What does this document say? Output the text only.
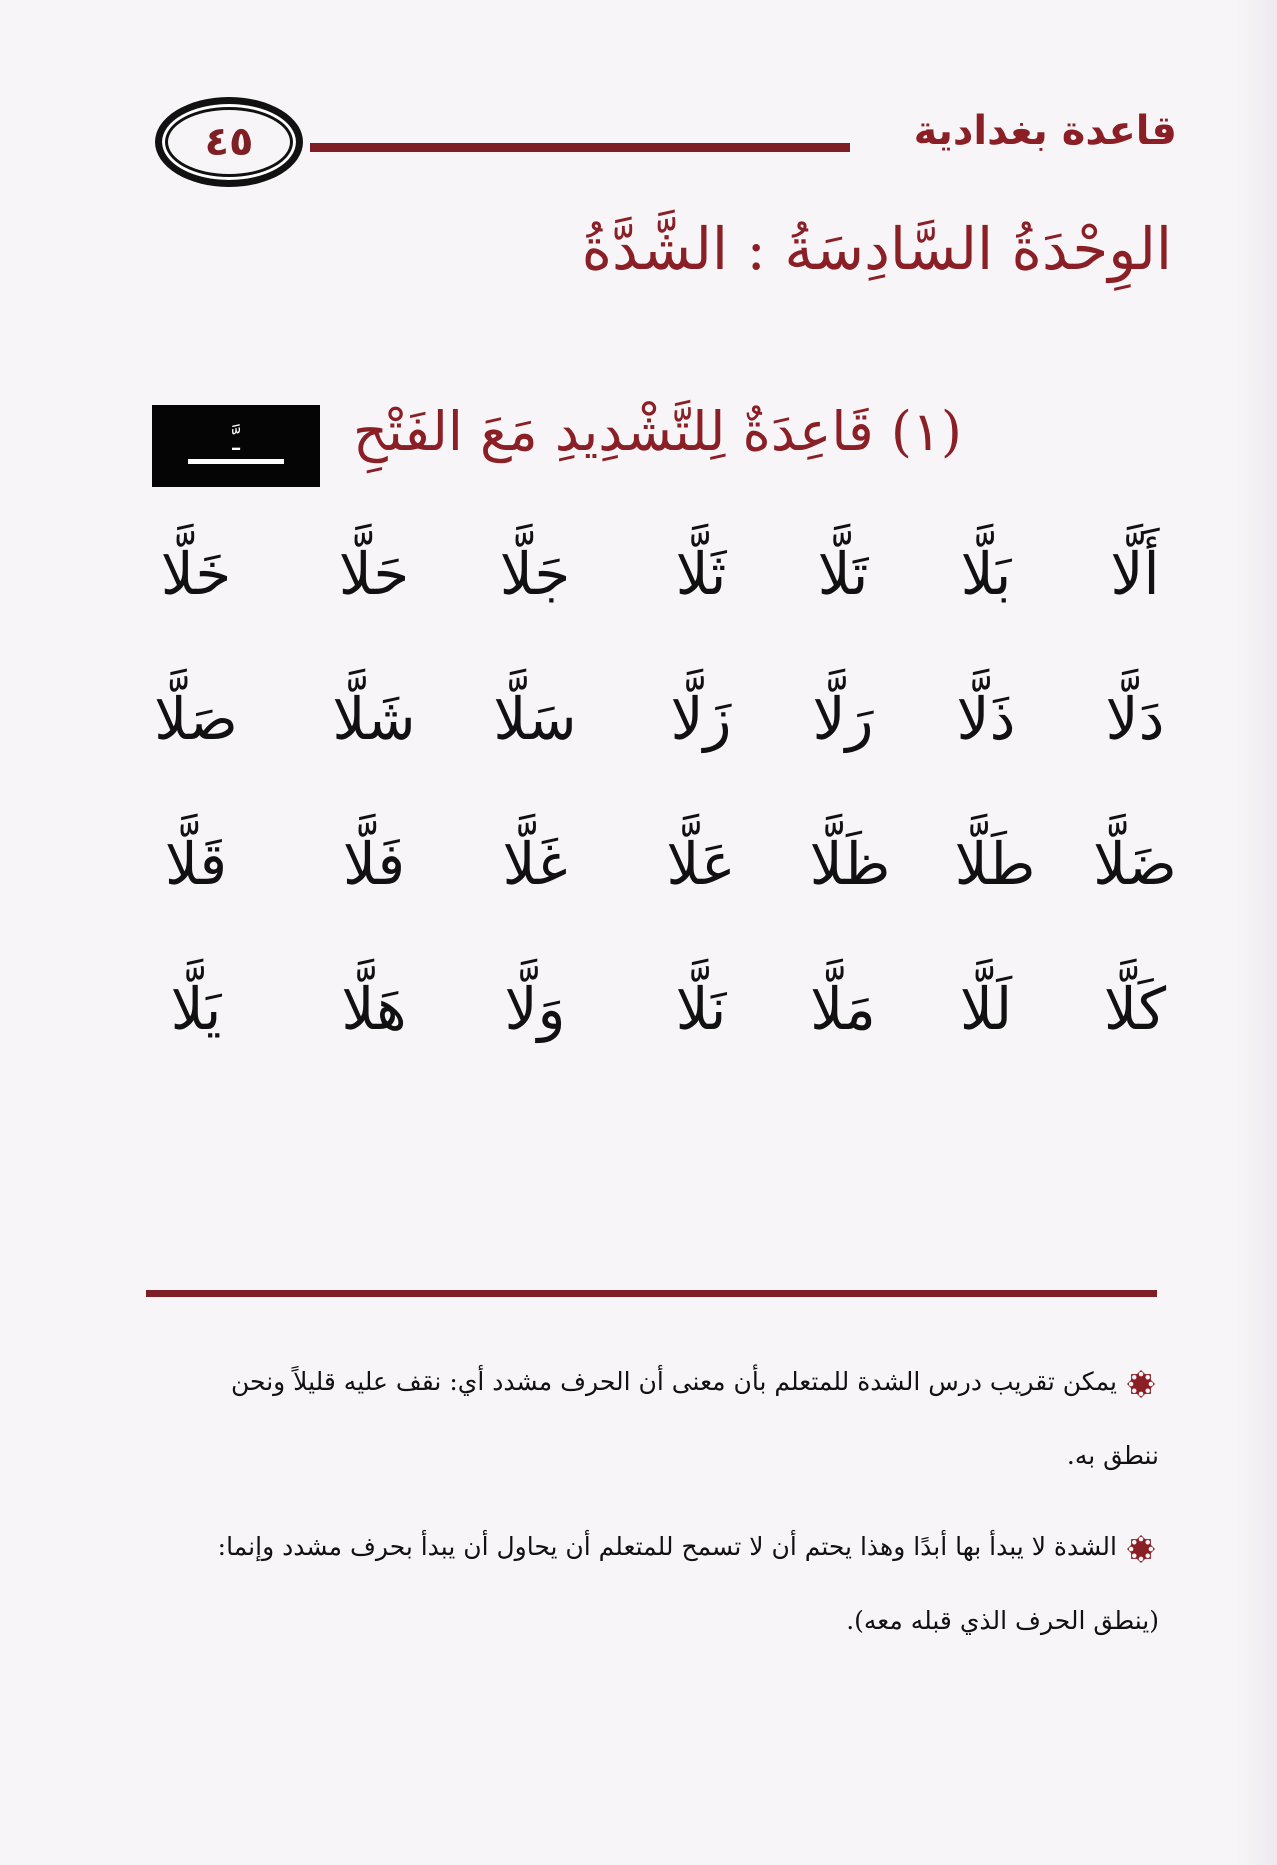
قاعدة بغدادية
٤٥
الوِحْدَةُ السَّادِسَةُ : الشَّدَّةُ
ـَّ (١) قَاعِدَةٌ لِلتَّشْدِيدِ مَعَ الفَتْحِ
أَلَّا
بَلَّا
تَلَّا
ثَلَّا
جَلَّا
حَلَّا
خَلَّا
دَلَّا
ذَلَّا
رَلَّا
زَلَّا
سَلَّا
شَلَّا
صَلَّا
ضَلَّا
طَلَّا
ظَلَّا
عَلَّا
غَلَّا
فَلَّا
قَلَّا
كَلَّا
لَلَّا
مَلَّا
نَلَّا
وَلَّا
هَلَّا
يَلَّا
يمكن تقريب درس الشدة للمتعلم بأن معنى أن الحرف مشدد أي: نقف عليه قليلاً ونحن
ننطق به.
الشدة لا يبدأ بها أبدًا وهذا يحتم أن لا تسمح للمتعلم أن يحاول أن يبدأ بحرف مشدد وإنما:
(ينطق الحرف الذي قبله معه).
